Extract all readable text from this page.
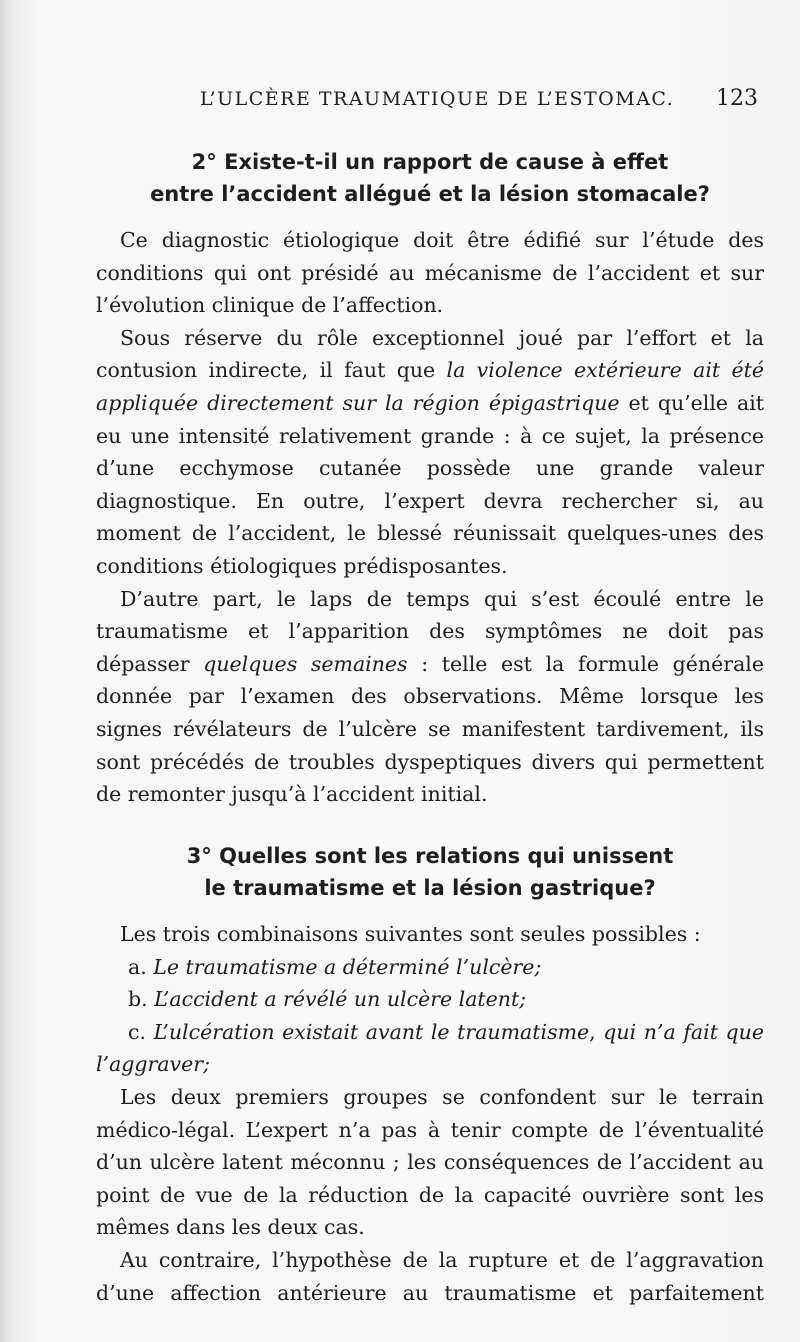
L’ULCÈRE TRAUMATIQUE DE L’ESTOMAC. 123

2° Existe-t-il un rapport de cause à effet
entre l’accident allégué et la lésion stomacale?

Ce diagnostic étiologique doit être édifié sur l’étude des conditions qui ont présidé au mécanisme de l’accident et sur l’évolution clinique de l’affection.

Sous réserve du rôle exceptionnel joué par l’effort et la contusion indirecte, il faut que la violence extérieure ait été appliquée directement sur la région épigastrique et qu’elle ait eu une intensité relativement grande : à ce sujet, la présence d’une ecchymose cutanée possède une grande valeur diagnostique. En outre, l’expert devra rechercher si, au moment de l’accident, le blessé réunissait quelques-unes des conditions étiologiques prédisposantes.

D’autre part, le laps de temps qui s’est écoulé entre le traumatisme et l’apparition des symptômes ne doit pas dépasser quelques semaines : telle est la formule générale donnée par l’examen des observations. Même lorsque les signes révélateurs de l’ulcère se manifestent tardivement, ils sont précédés de troubles dyspeptiques divers qui permettent de remonter jusqu’à l’accident initial.

3° Quelles sont les relations qui unissent
le traumatisme et la lésion gastrique?

Les trois combinaisons suivantes sont seules possibles :

a. Le traumatisme a déterminé l’ulcère;

b. L’accident a révélé un ulcère latent;

c. L’ulcération existait avant le traumatisme, qui n’a fait que l’aggraver;

Les deux premiers groupes se confondent sur le terrain médico-légal. L’expert n’a pas à tenir compte de l’éventualité d’un ulcère latent méconnu ; les conséquences de l’accident au point de vue de la réduction de la capacité ouvrière sont les mêmes dans les deux cas.

Au contraire, l’hypothèse de la rupture et de l’aggravation d’une affection antérieure au traumatisme et parfaitement
